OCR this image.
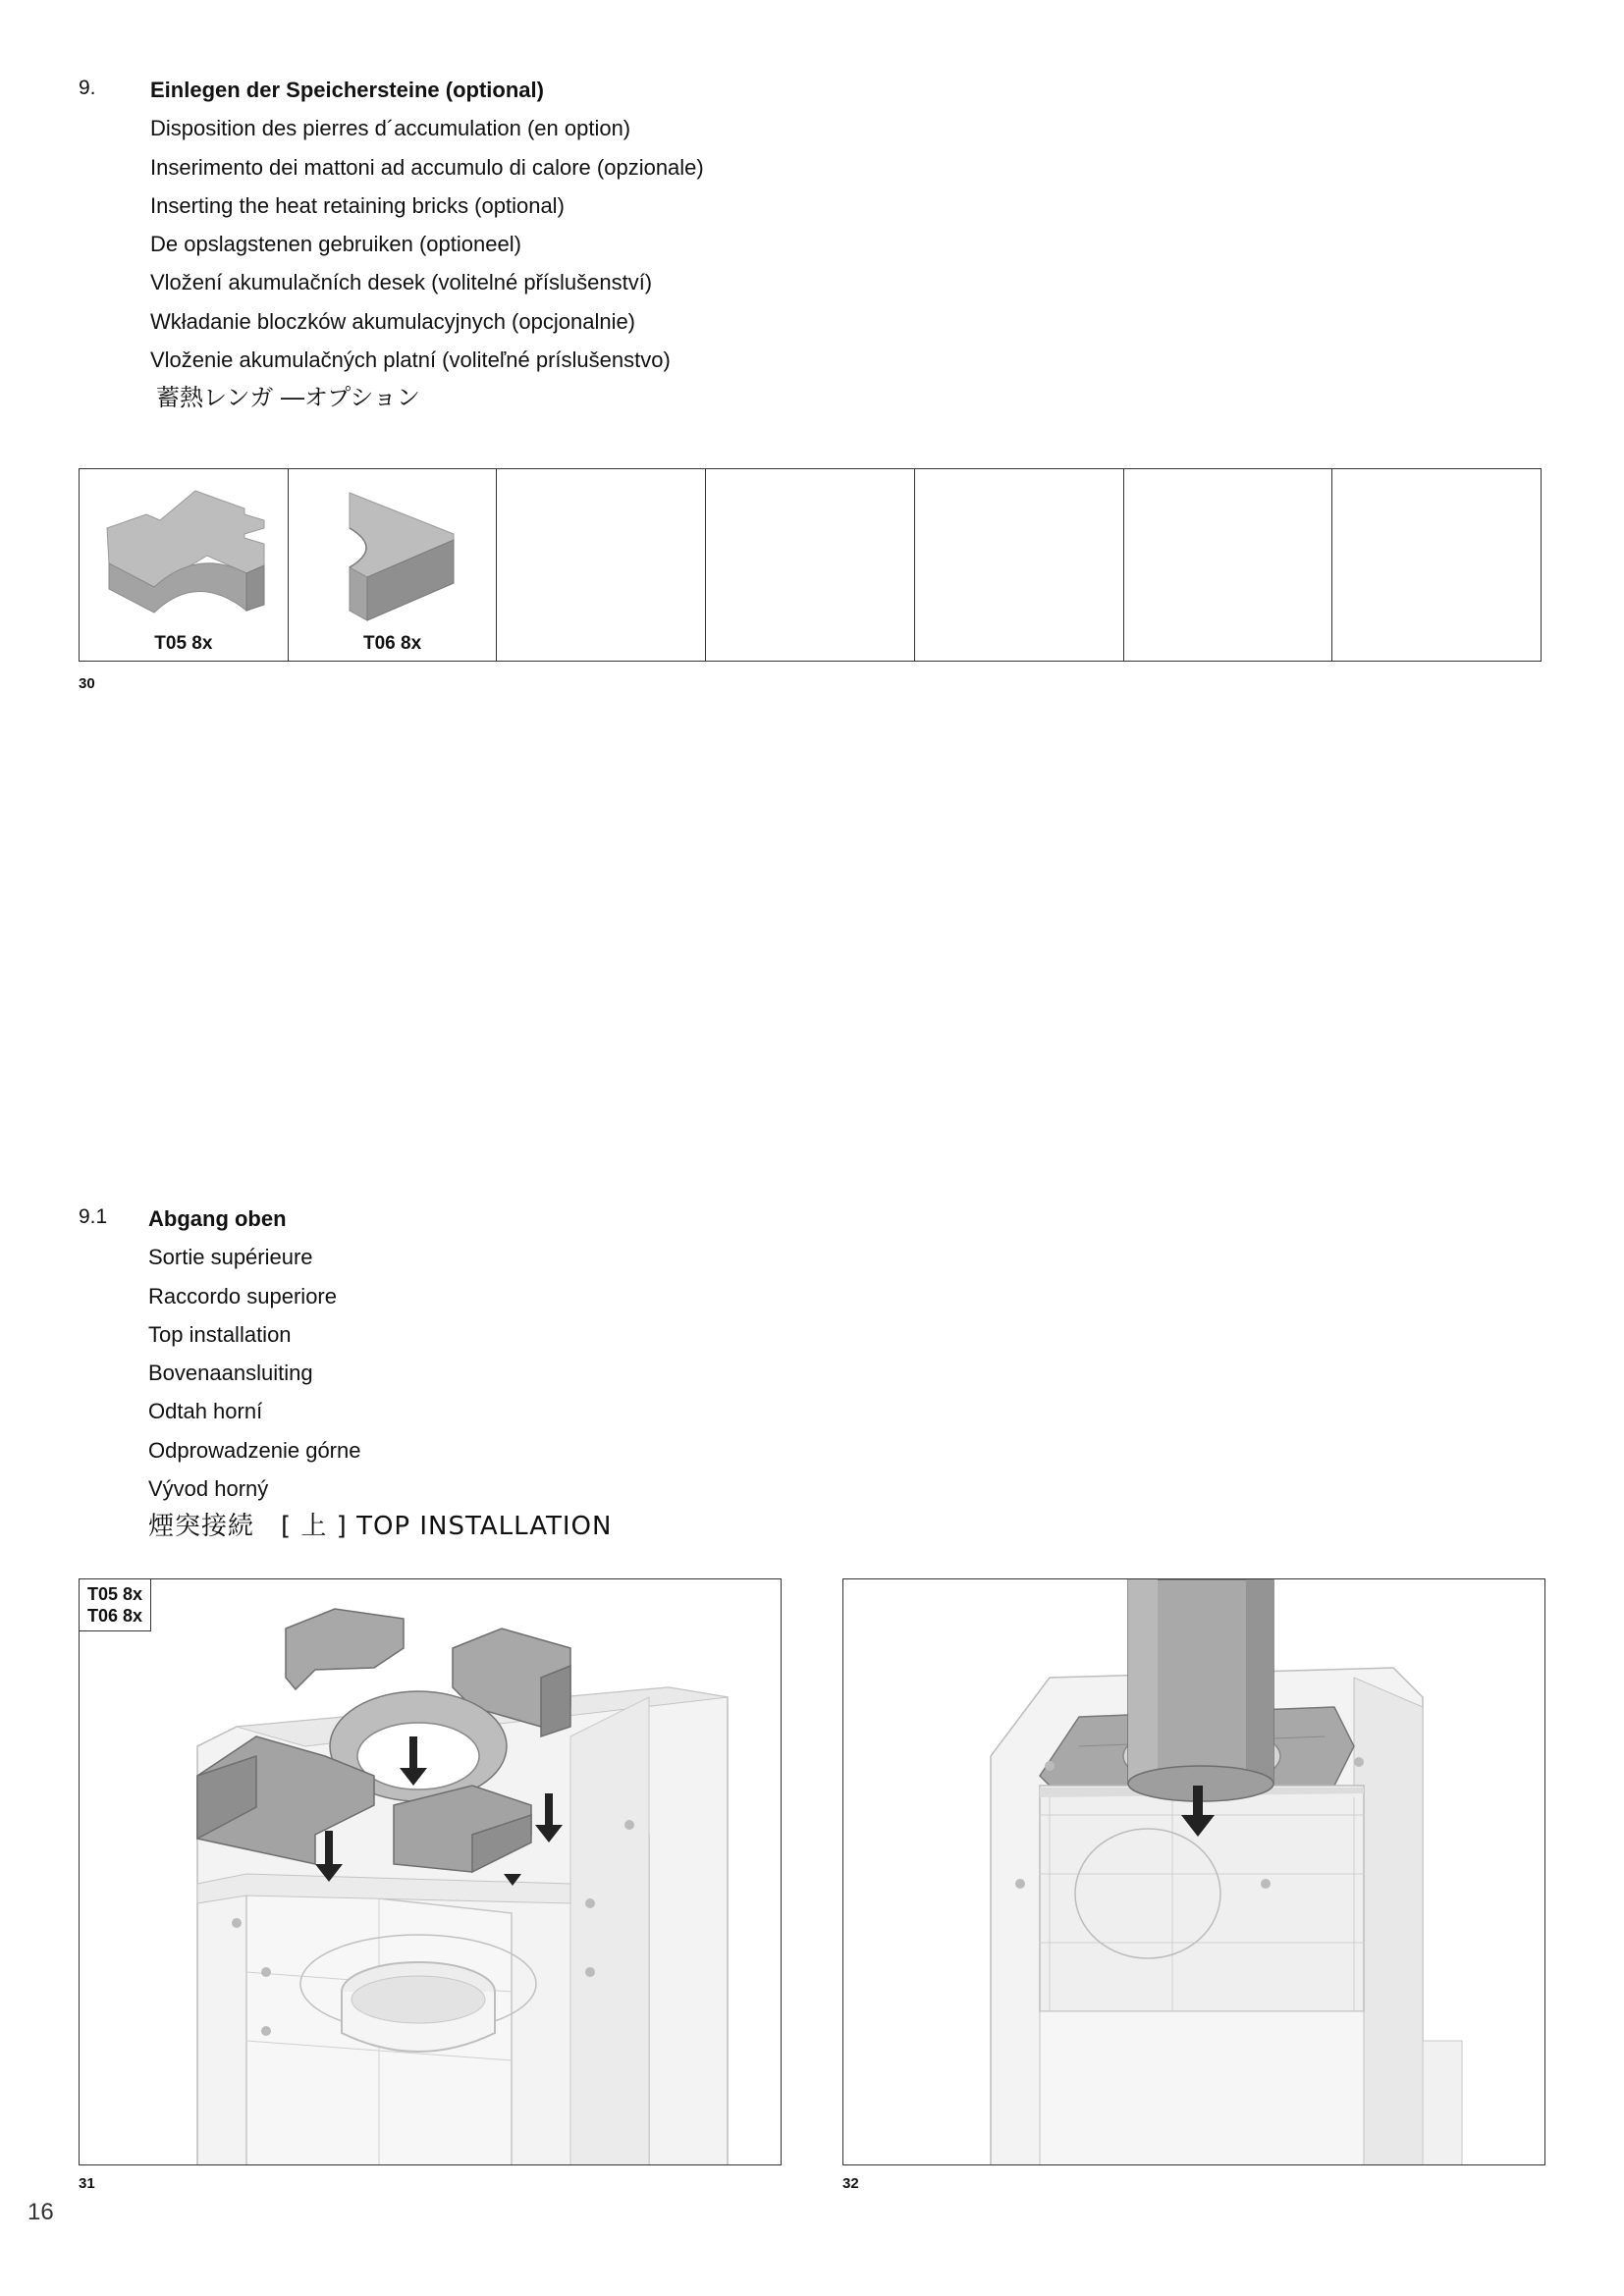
9.	Einlegen der Speichersteine (optional)
Disposition des pierres d´accumulation (en option)
Inserimento dei mattoni ad accumulo di calore (opzionale)
Inserting the heat retaining bricks (optional)
De opslagstenen gebruiken (optioneel)
Vložení akumulačních desek (volitelné příslušenství)
Wkładanie bloczków akumulacyjnych (opcjonalnie)
Vloženie akumulačných platní (voliteľné príslušenstvo)
蓄熱レンガ ―オプション
T05 8x	T06 8x
30
9.1 Abgang oben
Sortie supérieure
Raccordo superiore
Top installation
Bovenaansluiting
Odtah horní
Odprowadzenie górne
Vývod horný
煙突接続　[ 上 ] TOP INSTALLATION
T05 8x
T06 8x
31	32
16
